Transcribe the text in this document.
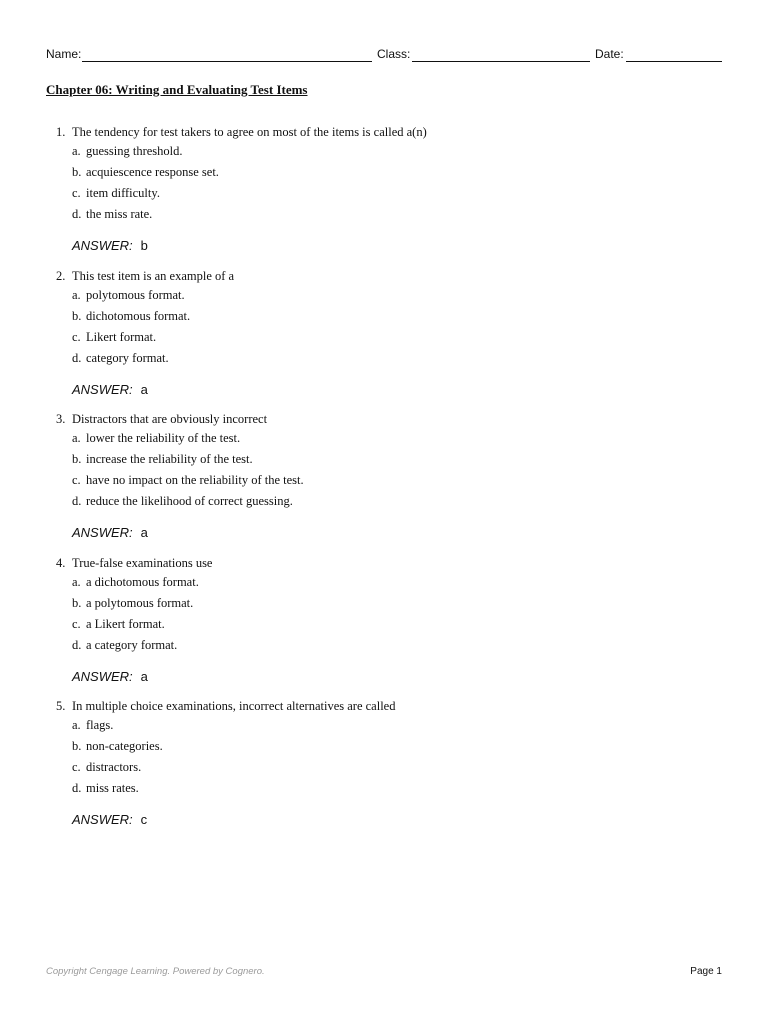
Name:	Class:	Date:
Chapter 06: Writing and Evaluating Test Items
1. The tendency for test takers to agree on most of the items is called a(n)
a. guessing threshold.
b. acquiescence response set.
c. item difficulty.
d. the miss rate.
ANSWER: b
2. This test item is an example of a
a. polytomous format.
b. dichotomous format.
c. Likert format.
d. category format.
ANSWER: a
3. Distractors that are obviously incorrect
a. lower the reliability of the test.
b. increase the reliability of the test.
c. have no impact on the reliability of the test.
d. reduce the likelihood of correct guessing.
ANSWER: a
4. True-false examinations use
a. a dichotomous format.
b. a polytomous format.
c. a Likert format.
d. a category format.
ANSWER: a
5. In multiple choice examinations, incorrect alternatives are called
a. flags.
b. non-categories.
c. distractors.
d. miss rates.
ANSWER: c
Copyright Cengage Learning. Powered by Cognero.	Page 1
